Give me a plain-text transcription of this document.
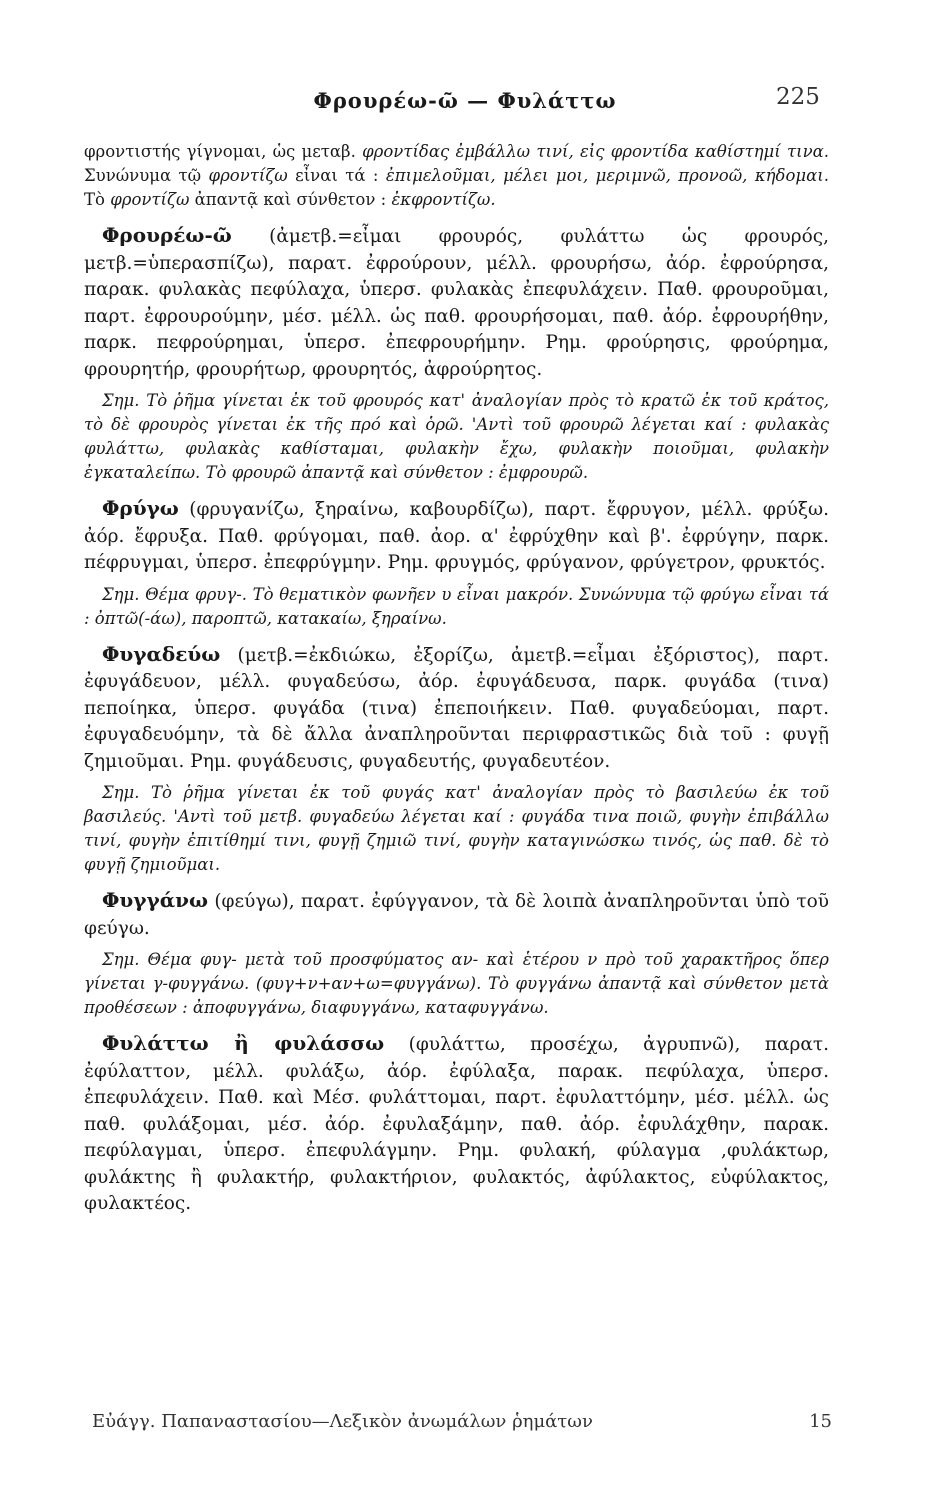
Φρουρέω-ῶ — Φυλάττω	225

φροντιστής γίγνομαι, ὡς μεταβ. φροντίδας ἐμβάλλω τινί, εἰς φροντίδα καθίστημί τινα. Συνώνυμα τῷ φροντίζω εἶναι τά : ἐπιμελοῦμαι, μέλει μοι, μεριμνῶ, προνοῶ, κήδομαι. Τὸ φροντίζω ἀπαντᾷ καὶ σύνθετον : ἐκφροντίζω.

Φρουρέω-ῶ (ἀμετβ.=εἶμαι φρουρός, φυλάττω ὡς φρουρός, μετβ.=ὑπερασπίζω), παρατ. ἐφρούρουν, μέλλ. φρουρήσω, ἀόρ. ἐφρούρησα, παρακ. φυλακὰς πεφύλαχα, ὑπερσ. φυλακὰς ἐπεφυλάχειν. Παθ. φρουροῦμαι, παρτ. ἐφρουρούμην, μέσ. μέλλ. ὡς παθ. φρουρήσομαι, παθ. ἀόρ. ἐφρουρήθην, παρκ. πεφρούρημαι, ὑπερσ. ἐπεφρουρήμην. Ρημ. φρούρησις, φρούρημα, φρουρητήρ, φρουρήτωρ, φρουρητός, ἀφρούρητος.

Σημ. Τὸ ῥῆμα γίνεται ἐκ τοῦ φρουρός κατ' ἀναλογίαν πρὸς τὸ κρατῶ ἐκ τοῦ κράτος, τὸ δὲ φρουρὸς γίνεται ἐκ τῆς πρό καὶ ὁρῶ. 'Αντὶ τοῦ φρουρῶ λέγεται καί : φυλακὰς φυλάττω, φυλακὰς καθίσταμαι, φυλακὴν ἔχω, φυλακὴν ποιοῦμαι, φυλακὴν ἐγκαταλείπω. Τὸ φρουρῶ ἀπαντᾷ καὶ σύνθετον : ἐμφρουρῶ.

Φρύγω (φρυγανίζω, ξηραίνω, καβουρδίζω), παρτ. ἔφρυγον, μέλλ. φρύξω. ἀόρ. ἔφρυξα. Παθ. φρύγομαι, παθ. ἀορ. α' ἐφρύχθην καὶ β'. ἐφρύγην, παρκ. πέφρυγμαι, ὑπερσ. ἐπεφρύγμην. Ρημ. φρυγμός, φρύγανον, φρύγετρον, φρυκτός.

Σημ. Θέμα φρυγ-. Τὸ θεματικὸν φωνῆεν υ εἶναι μακρόν. Συνώνυμα τῷ φρύγω εἶναι τά : ὀπτῶ(-άω), παροπτῶ, κατακαίω, ξηραίνω.

Φυγαδεύω (μετβ.=ἐκδιώκω, ἐξορίζω, ἀμετβ.=εἶμαι ἐξόριστος), παρτ. ἐφυγάδευον, μέλλ. φυγαδεύσω, ἀόρ. ἐφυγάδευσα, παρκ. φυγάδα (τινα) πεποίηκα, ὑπερσ. φυγάδα (τινα) ἐπεποιήκειν. Παθ. φυγαδεύομαι, παρτ. ἐφυγαδευόμην, τὰ δὲ ἄλλα ἀναπληροῦνται περιφραστικῶς διὰ τοῦ : φυγῇ ζημιοῦμαι. Ρημ. φυγάδευσις, φυγαδευτής, φυγαδευτέον.

Σημ. Τὸ ῥῆμα γίνεται ἐκ τοῦ φυγάς κατ' ἀναλογίαν πρὸς τὸ βασιλεύω ἐκ τοῦ βασιλεύς. 'Αντὶ τοῦ μετβ. φυγαδεύω λέγεται καί : φυγάδα τινα ποιῶ, φυγὴν ἐπιβάλλω τινί, φυγὴν ἐπιτίθημί τινι, φυγῇ ζημιῶ τινί, φυγὴν καταγινώσκω τινός, ὡς παθ. δὲ τὸ φυγῇ ζημιοῦμαι.

Φυγγάνω (φεύγω), παρατ. ἐφύγγανον, τὰ δὲ λοιπὰ ἀναπληροῦνται ὑπὸ τοῦ φεύγω.

Σημ. Θέμα φυγ- μετὰ τοῦ προσφύματος αν- καὶ ἑτέρου ν πρὸ τοῦ χαρακτῆρος ὅπερ γίνεται γ-φυγγάνω. (φυγ+ν+αν+ω=φυγγάνω). Τὸ φυγγάνω ἀπαντᾷ καὶ σύνθετον μετὰ προθέσεων : ἀποφυγγάνω, διαφυγγάνω, καταφυγγάνω.

Φυλάττω ἢ φυλάσσω (φυλάττω, προσέχω, ἀγρυπνῶ), παρατ. ἐφύλαττον, μέλλ. φυλάξω, ἀόρ. ἐφύλαξα, παρακ. πεφύλαχα, ὑπερσ. ἐπεφυλάχειν. Παθ. καὶ Μέσ. φυλάττομαι, παρτ. ἐφυλαττόμην, μέσ. μέλλ. ὡς παθ. φυλάξομαι, μέσ. ἀόρ. ἐφυλαξάμην, παθ. ἀόρ. ἐφυλάχθην, παρακ. πεφύλαγμαι, ὑπερσ. ἐπεφυλάγμην. Ρημ. φυλακή, φύλαγμα ,φυλάκτωρ, φυλάκτης ἢ φυλακτήρ, φυλακτήριον, φυλακτός, ἀφύλακτος, εὐφύλακτος, φυλακτέος.

Εὐάγγ. Παπαναστασίου—Λεξικὸν ἀνωμάλων ῥημάτων	15
